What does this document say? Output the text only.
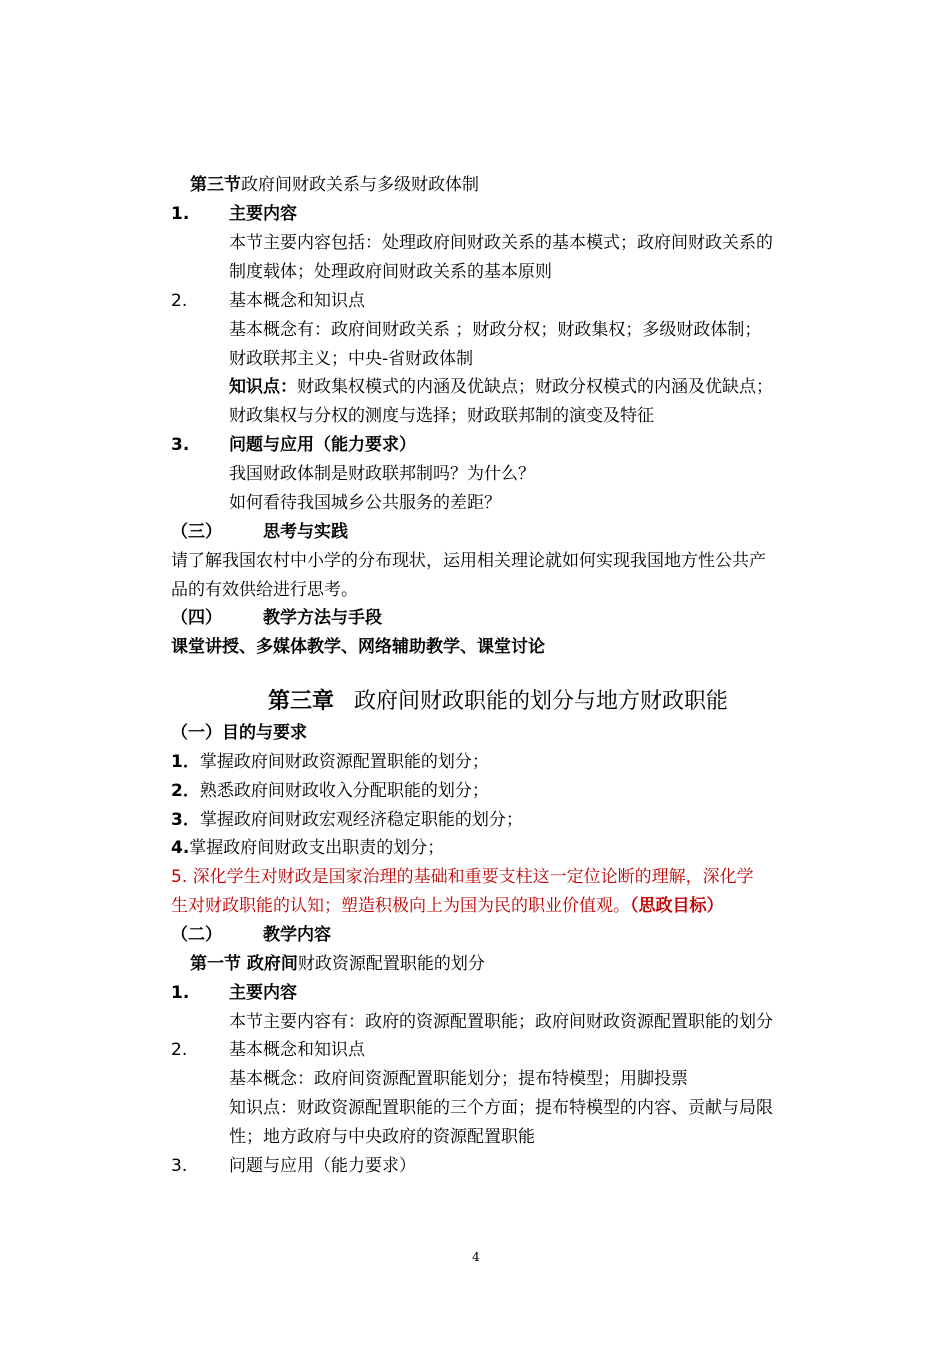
第三节政府间财政关系与多级财政体制
1. 主要内容
本节主要内容包括：处理政府间财政关系的基本模式；政府间财政关系的
制度载体；处理政府间财政关系的基本原则
2. 基本概念和知识点
基本概念有：政府间财政关系 ；财政分权；财政集权；多级财政体制；
财政联邦主义；中央-省财政体制
知识点：财政集权模式的内涵及优缺点；财政分权模式的内涵及优缺点；
财政集权与分权的测度与选择；财政联邦制的演变及特征
3. 问题与应用（能力要求）
我国财政体制是财政联邦制吗？为什么？
如何看待我国城乡公共服务的差距？
（三） 思考与实践
请了解我国农村中小学的分布现状，运用相关理论就如何实现我国地方性公共产
品的有效供给进行思考。
（四） 教学方法与手段
课堂讲授、多媒体教学、网络辅助教学、课堂讨论
第三章 政府间财政职能的划分与地方财政职能
（一）目的与要求
1．掌握政府间财政资源配置职能的划分；
2．熟悉政府间财政收入分配职能的划分；
3．掌握政府间财政宏观经济稳定职能的划分；
4.掌握政府间财政支出职责的划分；
5. 深化学生对财政是国家治理的基础和重要支柱这一定位论断的理解，深化学
生对财政职能的认知；塑造积极向上为国为民的职业价值观。（思政目标）
（二） 教学内容
第一节 政府间财政资源配置职能的划分
1. 主要内容
本节主要内容有：政府的资源配置职能；政府间财政资源配置职能的划分
2. 基本概念和知识点
基本概念：政府间资源配置职能划分；提布特模型；用脚投票
知识点：财政资源配置职能的三个方面；提布特模型的内容、贡献与局限
性；地方政府与中央政府的资源配置职能
3. 问题与应用（能力要求）
4
